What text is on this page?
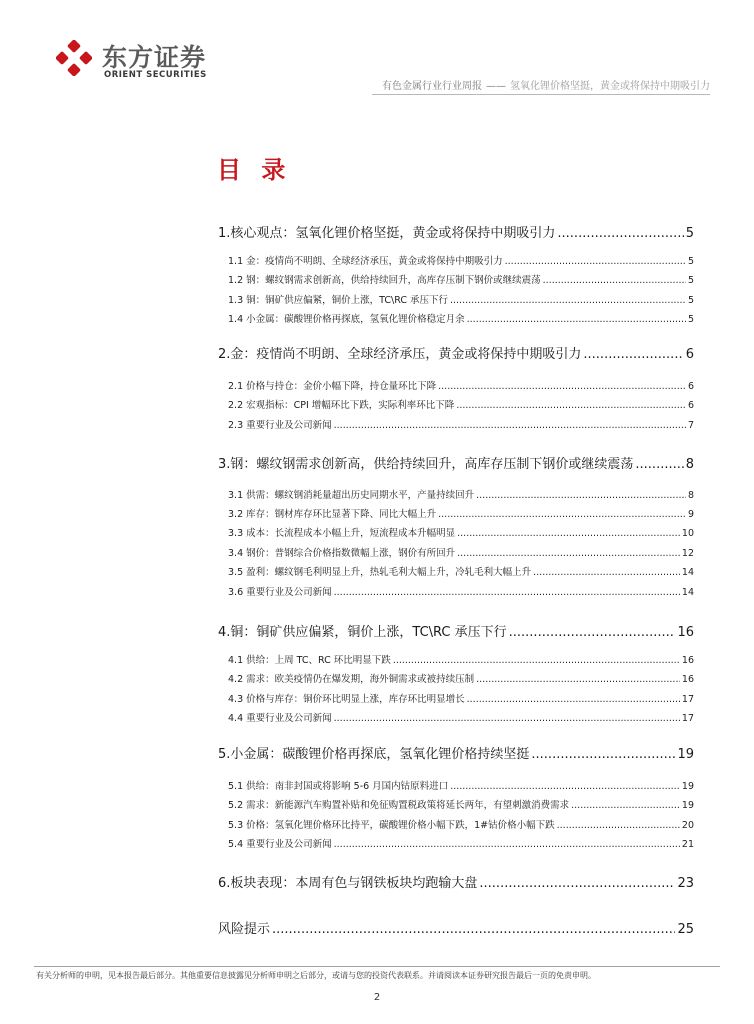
东方证券
ORIENT SECURITIES
有色金属行业行业周报 —— 氢氧化锂价格坚挺，黄金或将保持中期吸引力
目 录
1.核心观点：氢氧化锂价格坚挺，黄金或将保持中期吸引力 .....	5
1.1 金：疫情尚不明朗、全球经济承压，黄金或将保持中期吸引力 .....	5
1.2 钢：螺纹钢需求创新高，供给持续回升，高库存压制下钢价或继续震荡 .....	5
1.3 铜：铜矿供应偏紧，铜价上涨，TC\RC 承压下行 .....	5
1.4 小金属：碳酸锂价格再探底，氢氧化锂价格稳定月余 .....	5
2.金：疫情尚不明朗、全球经济承压，黄金或将保持中期吸引力 .....	6
2.1 价格与持仓：金价小幅下降，持仓量环比下降 .....	6
2.2 宏观指标：CPI 增幅环比下跌，实际利率环比下降 .....	6
2.3 重要行业及公司新闻 .....	7
3.钢：螺纹钢需求创新高，供给持续回升，高库存压制下钢价或继续震荡 .....	8
3.1 供需：螺纹钢消耗量超出历史同期水平，产量持续回升 .....	8
3.2 库存：钢材库存环比显著下降、同比大幅上升 .....	9
3.3 成本：长流程成本小幅上升，短流程成本升幅明显 .....	10
3.4 钢价：普钢综合价格指数微幅上涨，钢价有所回升 .....	12
3.5 盈利：螺纹钢毛利明显上升，热轧毛利大幅上升，冷轧毛利大幅上升 .....	14
3.6 重要行业及公司新闻 .....	14
4.铜：铜矿供应偏紧，铜价上涨，TC\RC 承压下行 .....	16
4.1 供给：上周 TC、RC 环比明显下跌 .....	16
4.2 需求：欧美疫情仍在爆发期，海外铜需求或被持续压制 .....	16
4.3 价格与库存：铜价环比明显上涨，库存环比明显增长 .....	17
4.4 重要行业及公司新闻 .....	17
5.小金属：碳酸锂价格再探底，氢氧化锂价格持续坚挺 .....	19
5.1 供给：南非封国或将影响 5-6 月国内钴原料进口 .....	19
5.2 需求：新能源汽车购置补贴和免征购置税政策将延长两年，有望刺激消费需求 .....	19
5.3 价格：氢氧化锂价格环比持平，碳酸锂价格小幅下跌，1#钴价格小幅下跌 .....	20
5.4 重要行业及公司新闻 .....	21
6.板块表现：本周有色与钢铁板块均跑输大盘 .....	23
风险提示 .....	25
有关分析师的申明，见本报告最后部分。其他重要信息披露见分析师申明之后部分，或请与您的投资代表联系。并请阅读本证券研究报告最后一页的免责申明。
2
